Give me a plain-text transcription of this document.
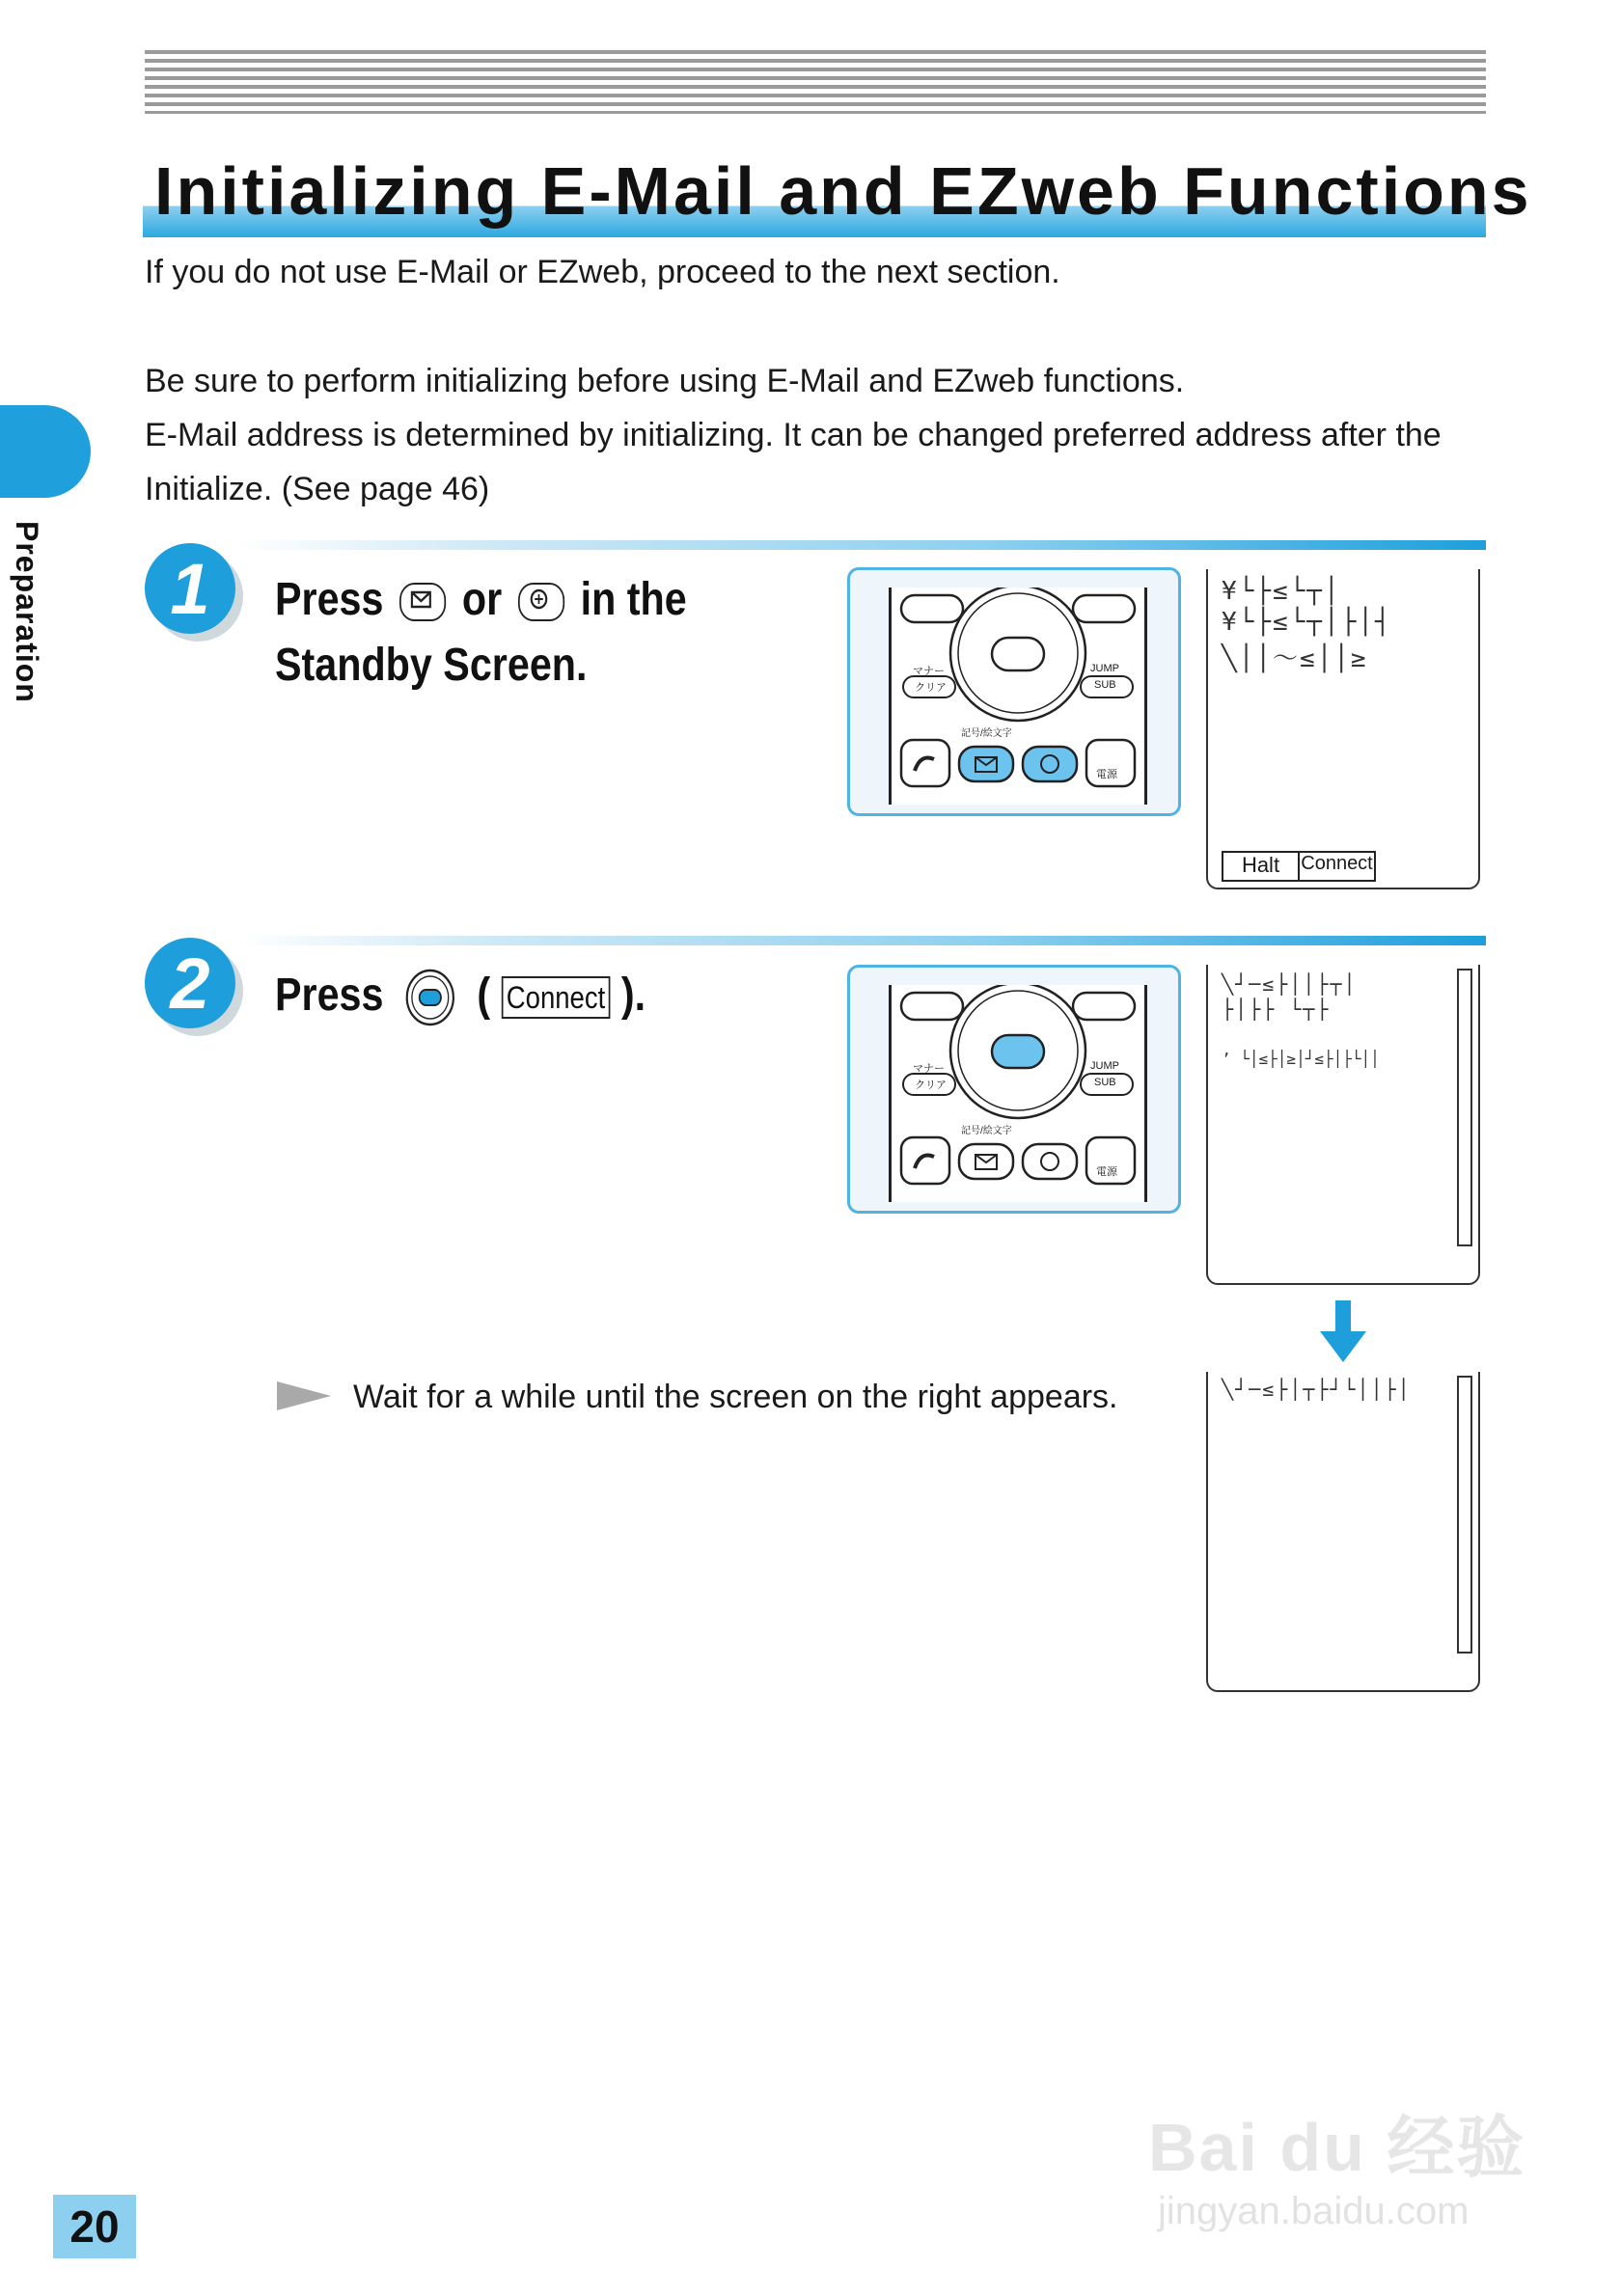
Initializing E-Mail and EZweb Functions
If you do not use E-Mail or EZweb, proceed to the next section.
Be sure to perform initializing before using E-Mail and EZweb functions.
E-Mail address is determined by initializing. It can be changed preferred address after the
Initialize. (See page 46)
Preparation	1	Press or in the
Standby Screen.	マナー
クリア
JUMP
SUB
記号/絵文字
電源
¥└├≤└┬│
¥└├≤└┬│├│┤
╲││〜≤││≥
Halt	Connect
2	Press ( Connect ).
マナー
クリア
JUMP
SUB
記号/絵文字
電源
╲┘─≤├││├┬│
├│├├ └┬├
’ └│≤├│≥│┘≤├│├└││
Wait for a while until the screen on the right appears.	╲┘─≤├│┬├┘└││├│
Bai du 经验
jingyan.baidu.com
20
